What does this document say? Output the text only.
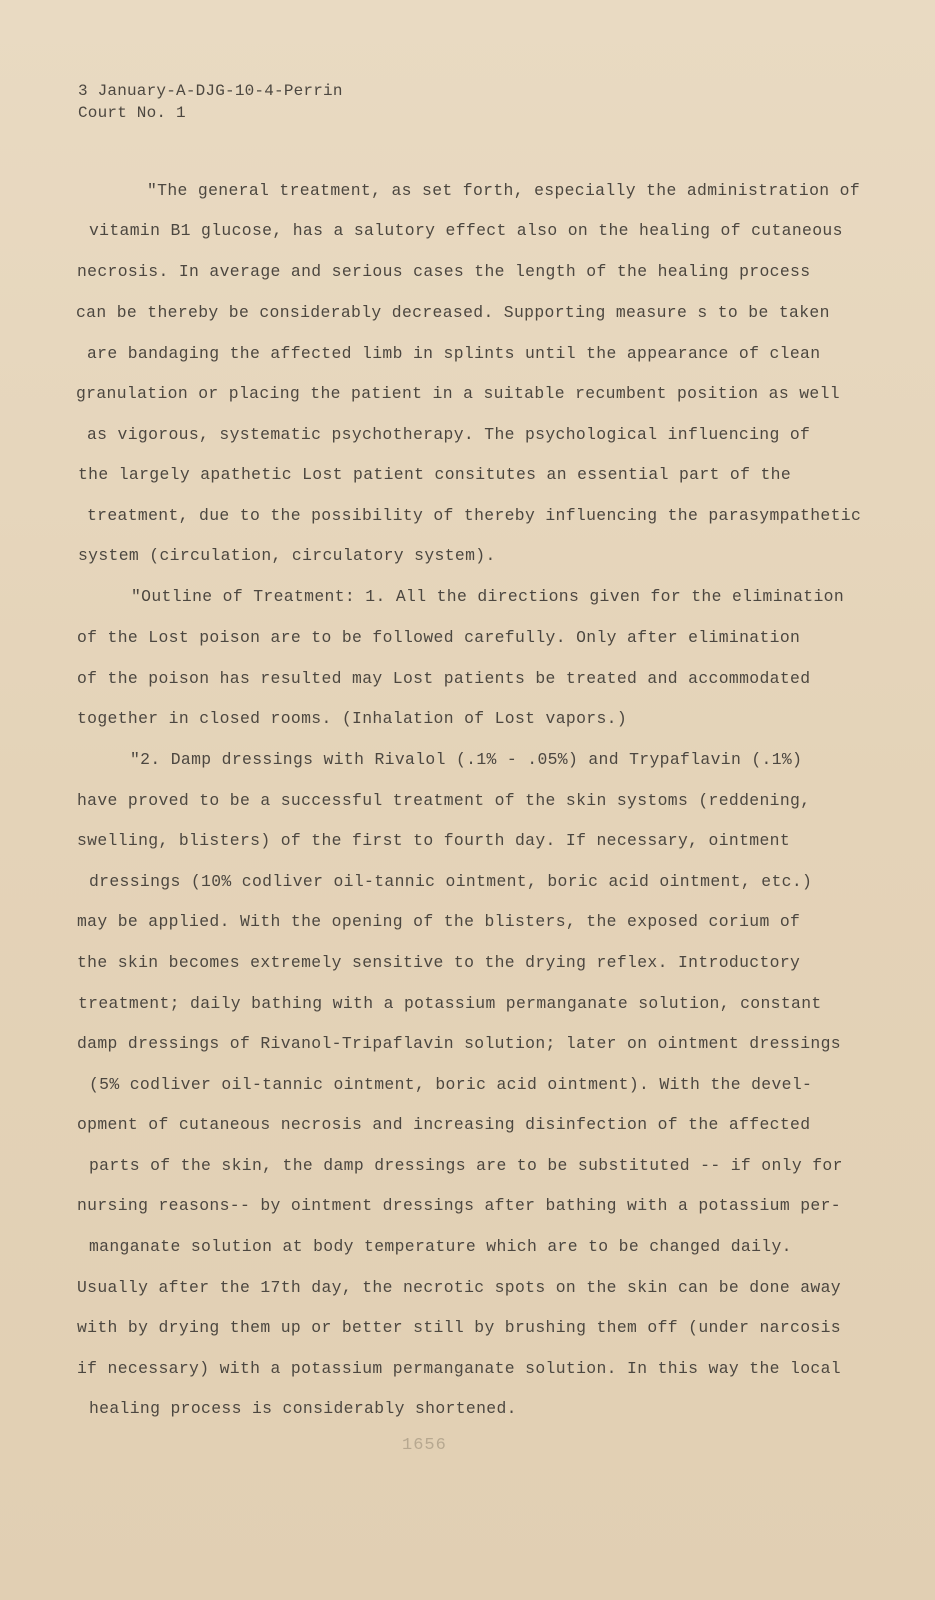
3 January-A-DJG-10-4-Perrin
Court No. 1
"The general treatment, as set forth, especially the administration of
vitamin B1 glucose, has a salutory effect also on the healing of cutaneous
necrosis. In average and serious cases the length of the healing process
can be thereby be considerably decreased. Supporting measure s to be taken
are bandaging the affected limb in splints until the appearance of clean
granulation or placing the patient in a suitable recumbent position as well
as vigorous, systematic psychotherapy. The psychological influencing of
the largely apathetic Lost patient consitutes an essential part of the
treatment, due to the possibility of thereby influencing the parasympathetic
system (circulation, circulatory system).
"Outline of Treatment: 1. All the directions given for the elimination
of the Lost poison are to be followed carefully. Only after elimination
of the poison has resulted may Lost patients be treated and accommodated
together in closed rooms. (Inhalation of Lost vapors.)
"2. Damp dressings with Rivalol (.1% - .05%) and Trypaflavin (.1%)
have proved to be a successful treatment of the skin systoms (reddening,
swelling, blisters) of the first to fourth day. If necessary, ointment
dressings (10% codliver oil-tannic ointment, boric acid ointment, etc.)
may be applied. With the opening of the blisters, the exposed corium of
the skin becomes extremely sensitive to the drying reflex. Introductory
treatment; daily bathing with a potassium permanganate solution, constant
damp dressings of Rivanol-Tripaflavin solution; later on ointment dressings
(5% codliver oil-tannic ointment, boric acid ointment). With the devel-
opment of cutaneous necrosis and increasing disinfection of the affected
parts of the skin, the damp dressings are to be substituted -- if only for
nursing reasons-- by ointment dressings after bathing with a potassium per-
manganate solution at body temperature which are to be changed daily.
Usually after the 17th day, the necrotic spots on the skin can be done away
with by drying them up or better still by brushing them off (under narcosis
if necessary) with a potassium permanganate solution. In this way the local
healing process is considerably shortened.
1656
